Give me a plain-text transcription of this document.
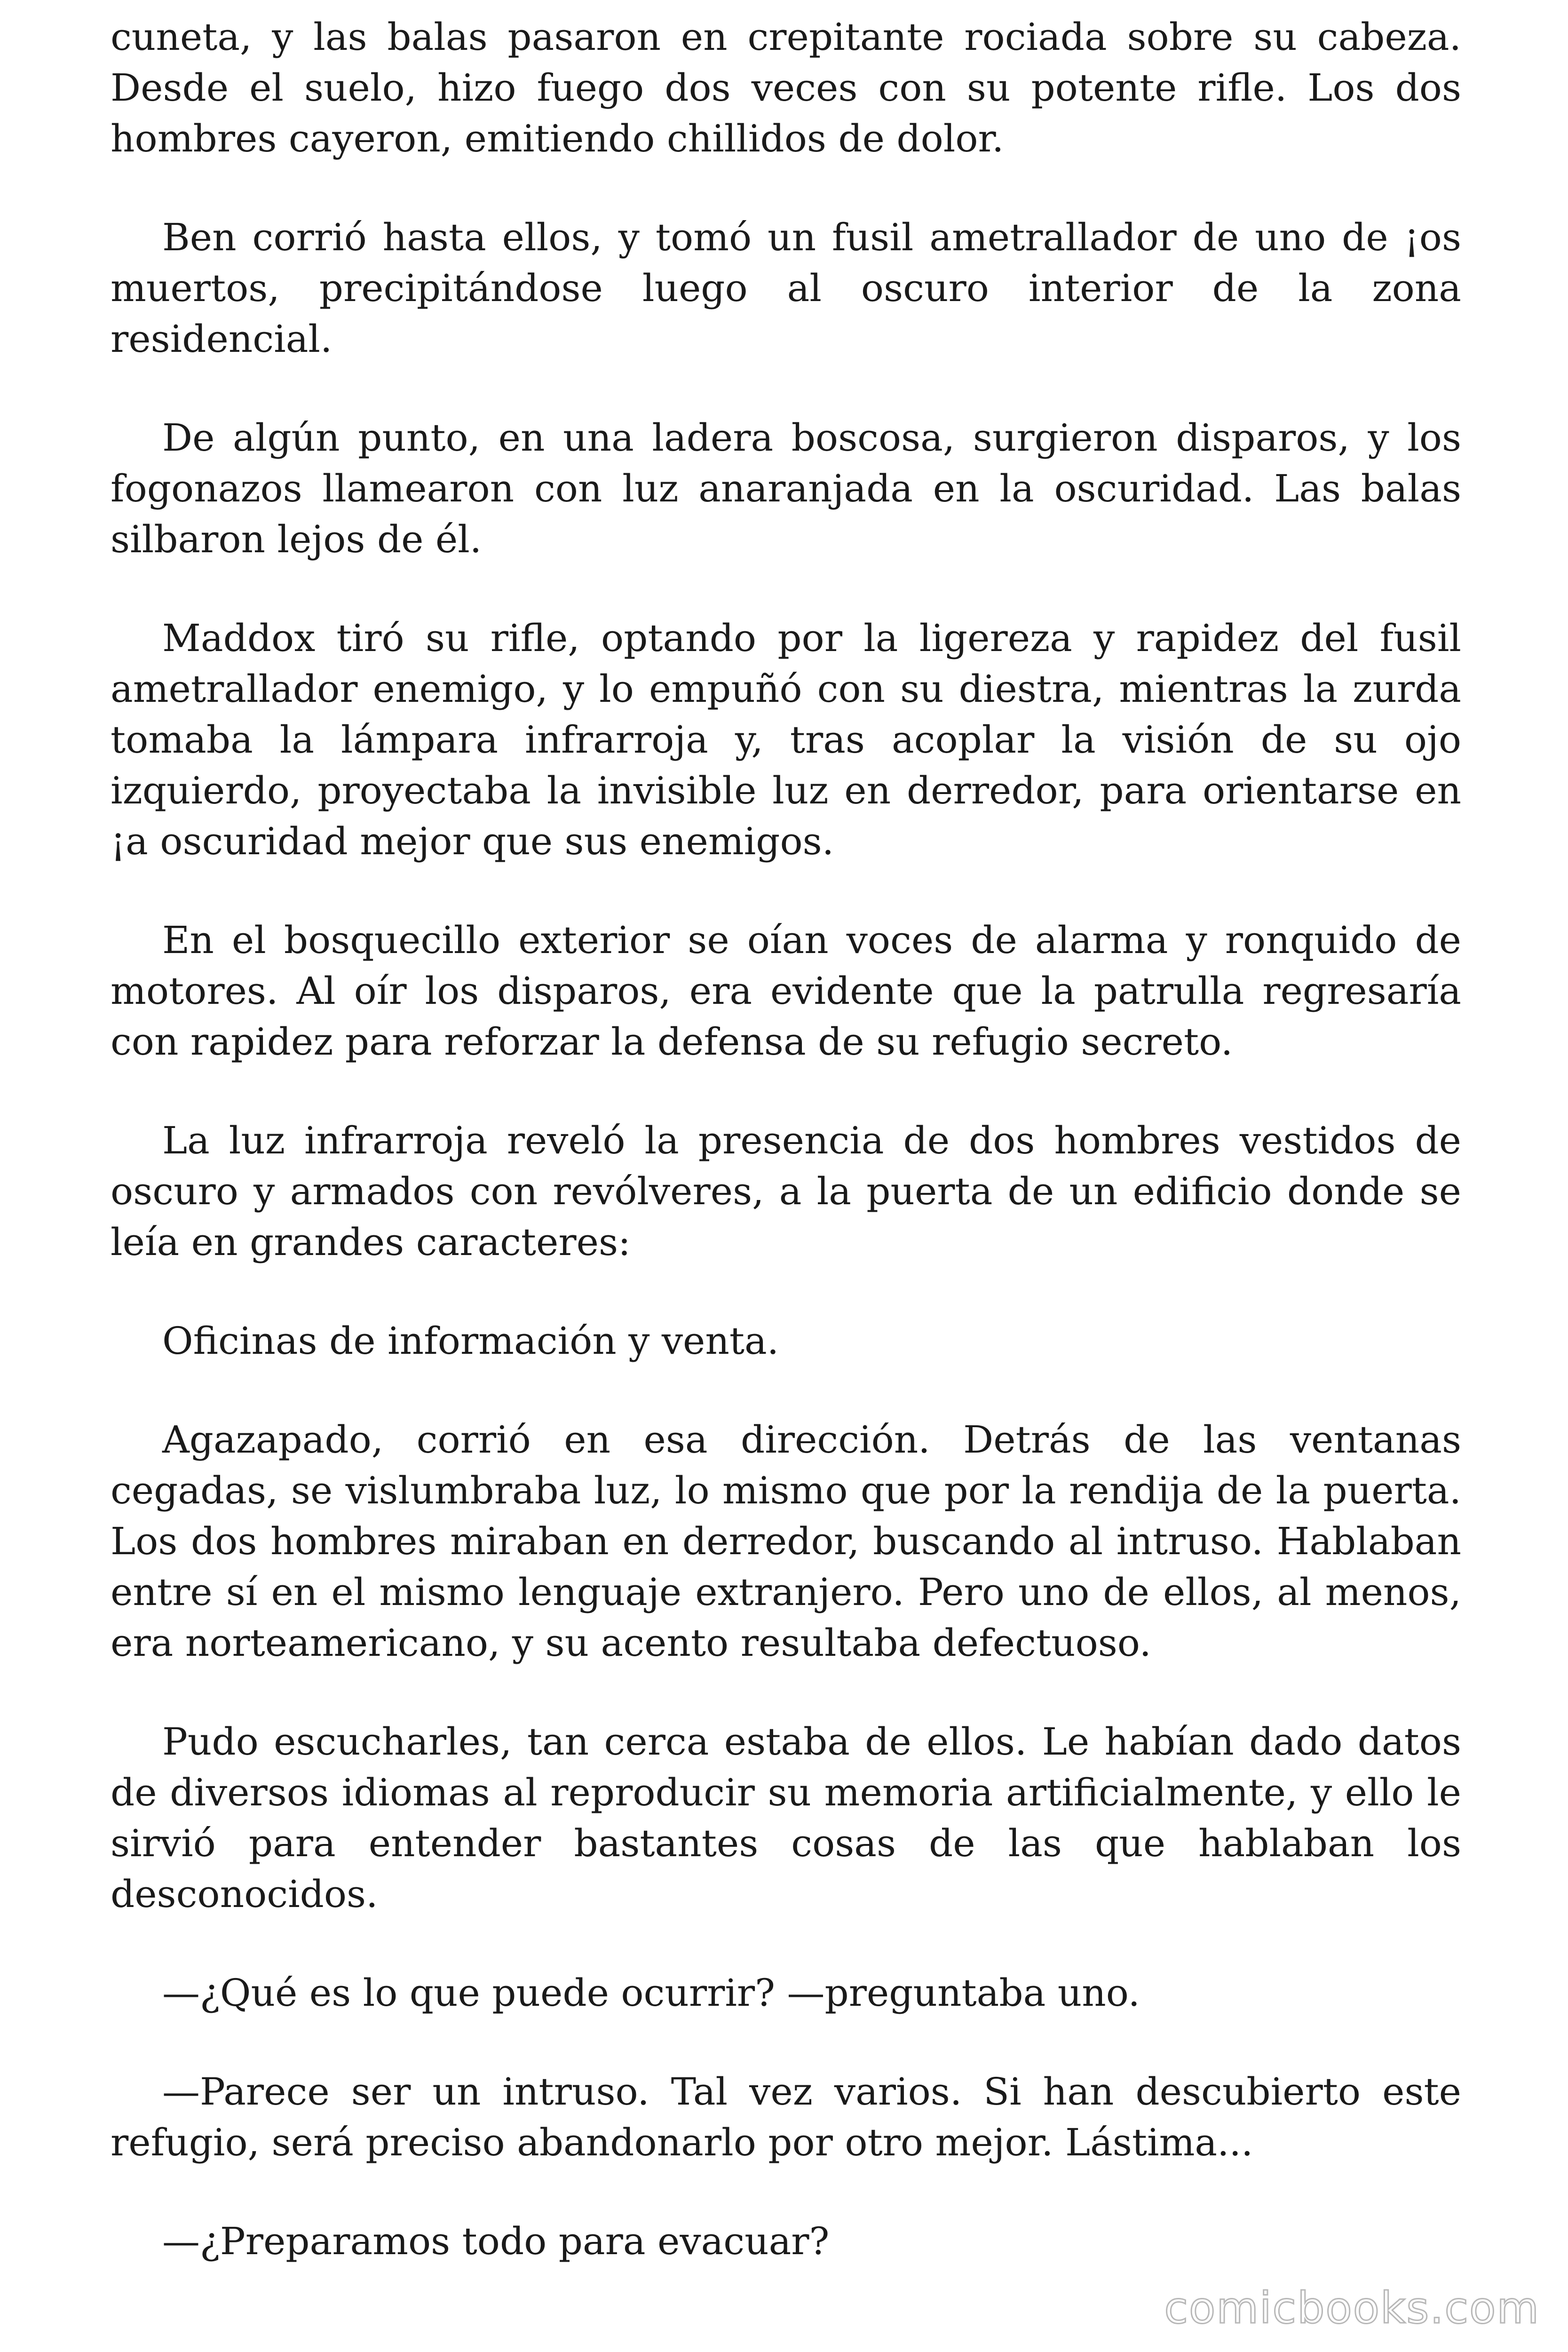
cuneta, y las balas pasaron en crepitante rociada sobre su cabeza. Desde el suelo, hizo fuego dos veces con su potente rifle. Los dos hombres cayeron, emitiendo chillidos de dolor.

Ben corrió hasta ellos, y tomó un fusil ametrallador de uno de ¡os muertos, precipitándose luego al oscuro interior de la zona residencial.

De algún punto, en una ladera boscosa, surgieron disparos, y los fogonazos llamearon con luz anaranjada en la oscuridad. Las balas silbaron lejos de él.

Maddox tiró su rifle, optando por la ligereza y rapidez del fusil ametrallador enemigo, y lo empuñó con su diestra, mientras la zurda tomaba la lámpara infrarroja y, tras acoplar la visión de su ojo izquierdo, proyectaba la invisible luz en derredor, para orientarse en ¡a oscuridad mejor que sus enemigos.

En el bosquecillo exterior se oían voces de alarma y ronquido de motores. Al oír los disparos, era evidente que la patrulla regresaría con rapidez para reforzar la defensa de su refugio secreto.

La luz infrarroja reveló la presencia de dos hombres vestidos de oscuro y armados con revólveres, a la puerta de un edificio donde se leía en grandes caracteres:

Oficinas de información y venta.

Agazapado, corrió en esa dirección. Detrás de las ventanas cegadas, se vislumbraba luz, lo mismo que por la rendija de la puerta. Los dos hombres miraban en derredor, buscando al intruso. Hablaban entre sí en el mismo lenguaje extranjero. Pero uno de ellos, al menos, era norteamericano, y su acento resultaba defectuoso.

Pudo escucharles, tan cerca estaba de ellos. Le habían dado datos de diversos idiomas al reproducir su memoria artificialmente, y ello le sirvió para entender bastantes cosas de las que hablaban los desconocidos.

—¿Qué es lo que puede ocurrir? —preguntaba uno.

—Parece ser un intruso. Tal vez varios. Si han descubierto este refugio, será preciso abandonarlo por otro mejor. Lástima...

—¿Preparamos todo para evacuar?

comicbooks.com
